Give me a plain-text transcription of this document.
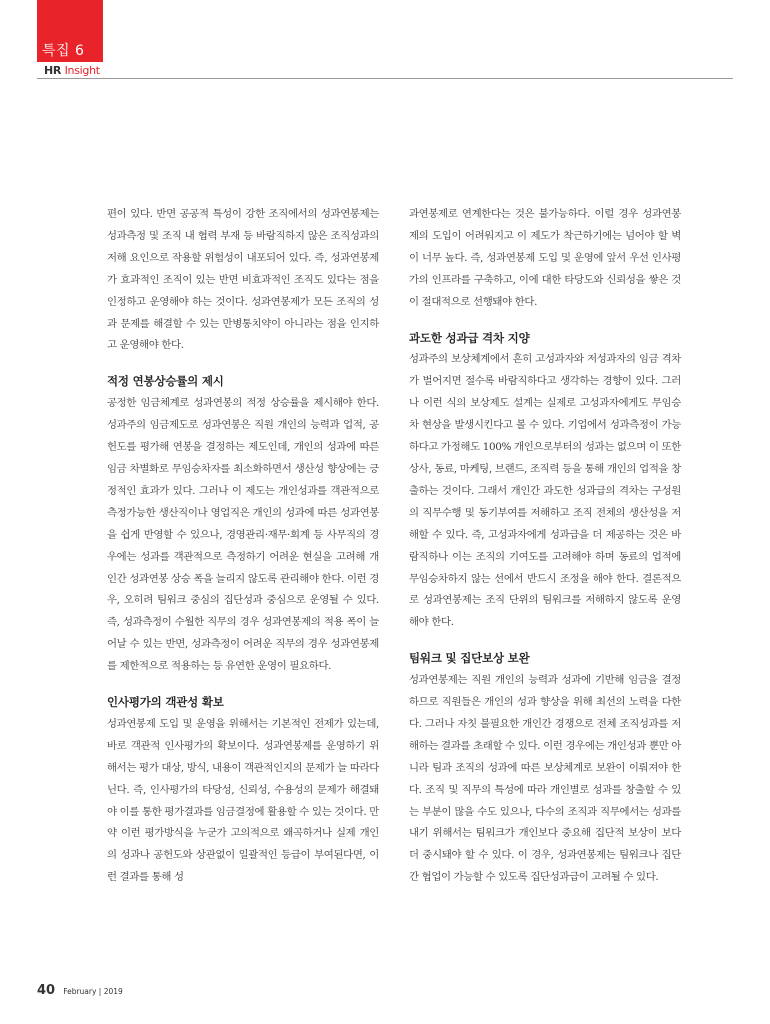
특집 6
HR Insight

편이 있다. 반면 공공적 특성이 강한 조직에서의 성과연봉제는 성과측정 및 조직 내 협력 부재 등 바람직하지 않은 조직성과의 저해 요인으로 작용할 위험성이 내포되어 있다. 즉, 성과연봉제가 효과적인 조직이 있는 반면 비효과적인 조직도 있다는 점을 인정하고 운영해야 하는 것이다. 성과연봉제가 모든 조직의 성과 문제를 해결할 수 있는 만병통치약이 아니라는 점을 인지하고 운영해야 한다.

적정 연봉상승률의 제시

공정한 임금체계로 성과연봉의 적정 상승률을 제시해야 한다. 성과주의 임금제도로 성과연봉은 직원 개인의 능력과 업적, 공헌도를 평가해 연봉을 결정하는 제도인데, 개인의 성과에 따른 임금 차별화로 무임승차자를 최소화하면서 생산성 향상에는 긍정적인 효과가 있다. 그러나 이 제도는 개인성과를 객관적으로 측정가능한 생산직이나 영업직은 개인의 성과에 따른 성과연봉을 쉽게 반영할 수 있으나, 경영관리·재무·회계 등 사무직의 경우에는 성과를 객관적으로 측정하기 어려운 현실을 고려해 개인간 성과연봉 상승 폭을 늘리지 않도록 관리해야 한다. 이런 경우, 오히려 팀워크 중심의 집단성과 중심으로 운영될 수 있다. 즉, 성과측정이 수월한 직무의 경우 성과연봉제의 적용 폭이 늘어날 수 있는 반면, 성과측정이 어려운 직무의 경우 성과연봉제를 제한적으로 적용하는 등 유연한 운영이 필요하다.

인사평가의 객관성 확보

성과연봉제 도입 및 운영을 위해서는 기본적인 전제가 있는데, 바로 객관적 인사평가의 확보이다. 성과연봉제를 운영하기 위해서는 평가 대상, 방식, 내용이 객관적인지의 문제가 늘 따라다닌다. 즉, 인사평가의 타당성, 신뢰성, 수용성의 문제가 해결돼야 이를 통한 평가결과를 임금결정에 활용할 수 있는 것이다. 만약 이런 평가방식을 누군가 고의적으로 왜곡하거나 실제 개인의 성과나 공헌도와 상관없이 일괄적인 등급이 부여된다면, 이런 결과를 통해 성

과연봉제로 연계한다는 것은 불가능하다. 이럴 경우 성과연봉제의 도입이 어려워지고 이 제도가 착근하기에는 넘어야 할 벽이 너무 높다. 즉, 성과연봉제 도입 및 운영에 앞서 우선 인사평가의 인프라를 구축하고, 이에 대한 타당도와 신뢰성을 쌓은 것이 절대적으로 선행돼야 한다.

과도한 성과급 격차 지양

성과주의 보상체계에서 흔히 고성과자와 저성과자의 임금 격차가 벌어지면 절수록 바람직하다고 생각하는 경향이 있다. 그러나 이런 식의 보상제도 설계는 실제로 고성과자에게도 무임승차 현상을 발생시킨다고 볼 수 있다. 기업에서 성과측정이 가능하다고 가정해도 100% 개인으로부터의 성과는 없으며 이 또한 상사, 동료, 마케팅, 브랜드, 조직력 등을 통해 개인의 업적을 창출하는 것이다. 그래서 개인간 과도한 성과급의 격차는 구성원의 직무수행 및 동기부여를 저해하고 조직 전체의 생산성을 저해할 수 있다. 즉, 고성과자에게 성과급을 더 제공하는 것은 바람직하나 이는 조직의 기여도를 고려해야 하며 동료의 업적에 무임승차하지 않는 선에서 반드시 조정을 해야 한다. 결론적으로 성과연봉제는 조직 단위의 팀워크를 저해하지 않도록 운영해야 한다.

팀워크 및 집단보상 보완

성과연봉제는 직원 개인의 능력과 성과에 기반해 임금을 결정하므로 직원들은 개인의 성과 향상을 위해 최선의 노력을 다한다. 그러나 자칫 불필요한 개인간 경쟁으로 전체 조직성과를 저해하는 결과를 초래할 수 있다. 이런 경우에는 개인성과 뿐만 아니라 팀과 조직의 성과에 따른 보상체계로 보완이 이뤄져야 한다. 조직 및 직무의 특성에 따라 개인별로 성과를 창출할 수 있는 부분이 많을 수도 있으나, 다수의 조직과 직무에서는 성과를 내기 위해서는 팀워크가 개인보다 중요해 집단적 보상이 보다 더 중시돼야 할 수 있다. 이 경우, 성과연봉제는 팀워크나 집단간 협업이 가능할 수 있도록 집단성과급이 고려될 수 있다.

40 February | 2019
